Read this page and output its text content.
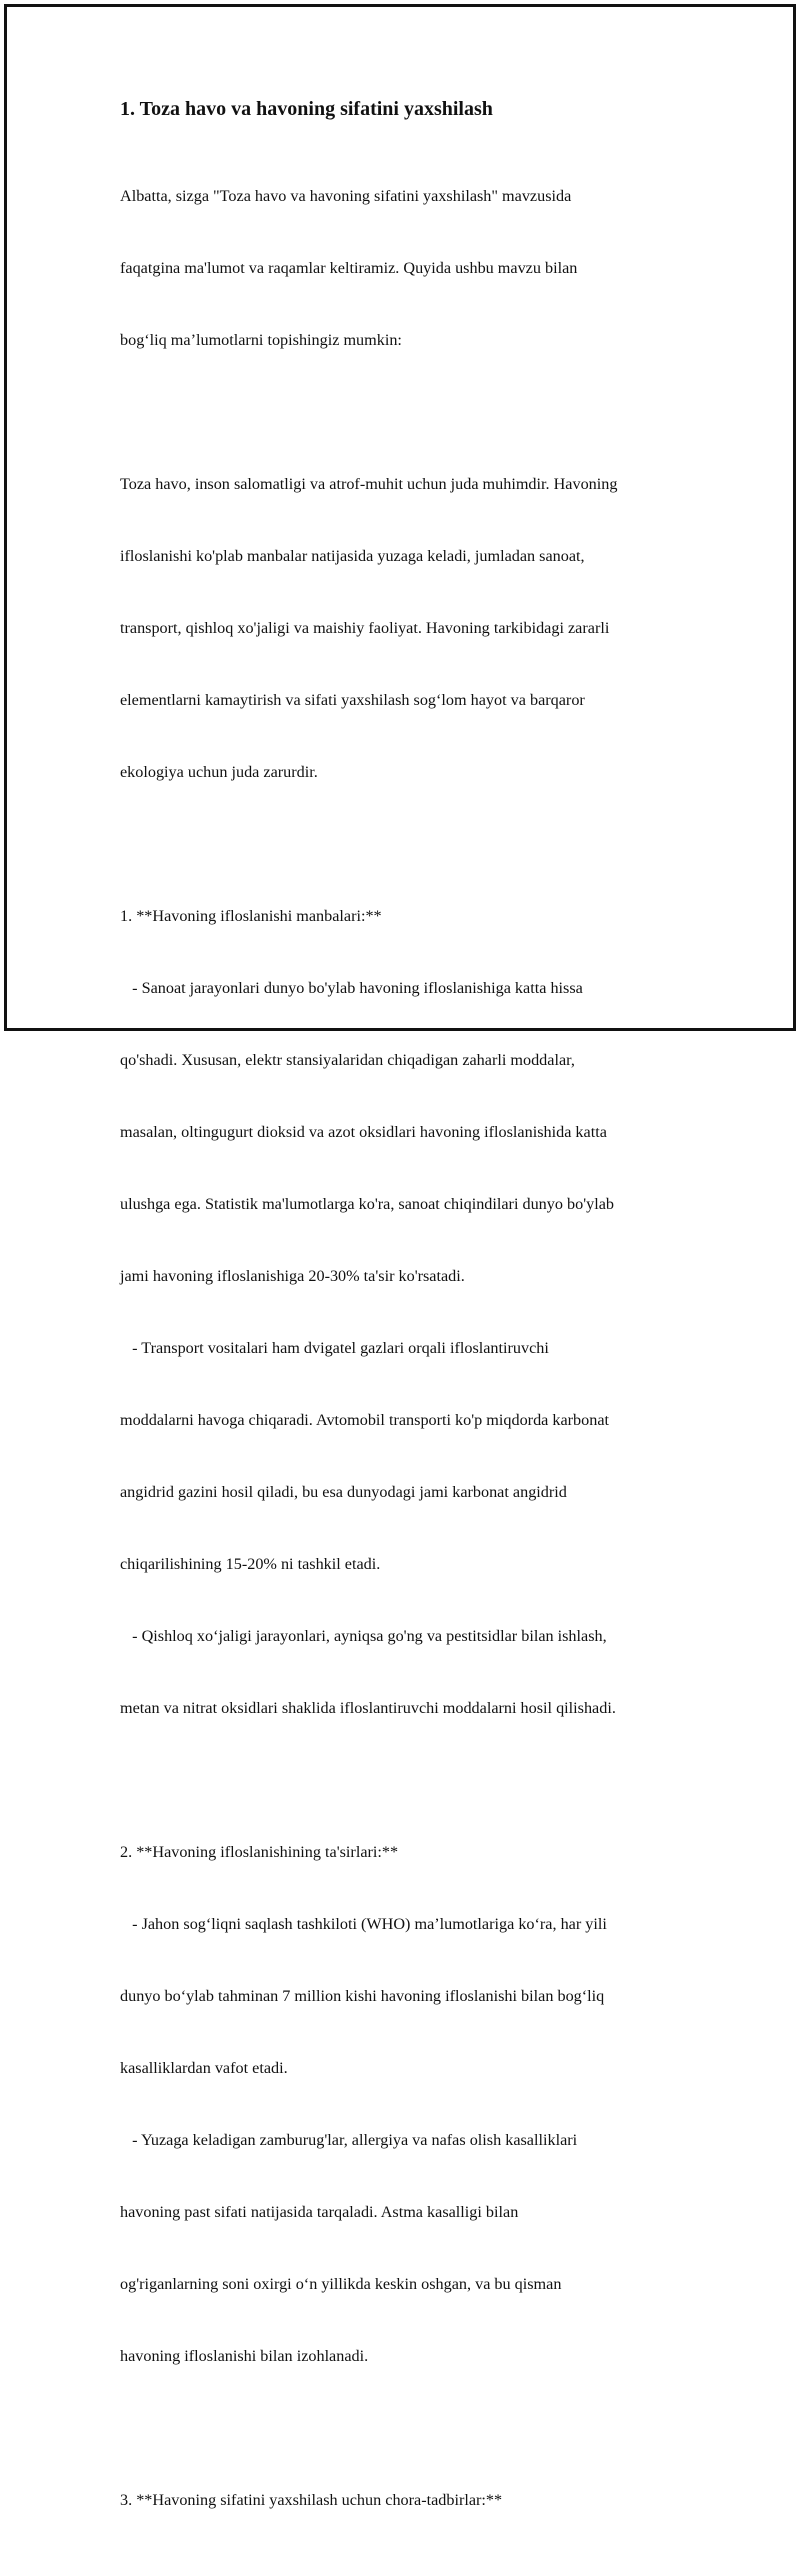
1. Toza havo va havoning sifatini yaxshilash

Albatta, sizga "Toza havo va havoning sifatini yaxshilash" mavzusida

faqatgina ma'lumot va raqamlar keltiramiz. Quyida ushbu mavzu bilan

bog‘liq ma’lumotlarni topishingiz mumkin:

Toza havo, inson salomatligi va atrof-muhit uchun juda muhimdir. Havoning

ifloslanishi ko'plab manbalar natijasida yuzaga keladi, jumladan sanoat,

transport, qishloq xo'jaligi va maishiy faoliyat. Havoning tarkibidagi zararli

elementlarni kamaytirish va sifati yaxshilash sog‘lom hayot va barqaror

ekologiya uchun juda zarurdir.

1. **Havoning ifloslanishi manbalari:**

- Sanoat jarayonlari dunyo bo'ylab havoning ifloslanishiga katta hissa

qo'shadi. Xususan, elektr stansiyalaridan chiqadigan zaharli moddalar,

masalan, oltingugurt dioksid va azot oksidlari havoning ifloslanishida katta

ulushga ega. Statistik ma'lumotlarga ko'ra, sanoat chiqindilari dunyo bo'ylab

jami havoning ifloslanishiga 20-30% ta'sir ko'rsatadi.

- Transport vositalari ham dvigatel gazlari orqali ifloslantiruvchi

moddalarni havoga chiqaradi. Avtomobil transporti ko'p miqdorda karbonat

angidrid gazini hosil qiladi, bu esa dunyodagi jami karbonat angidrid

chiqarilishining 15-20% ni tashkil etadi.

- Qishloq xo‘jaligi jarayonlari, ayniqsa go'ng va pestitsidlar bilan ishlash,

metan va nitrat oksidlari shaklida ifloslantiruvchi moddalarni hosil qilishadi.

2. **Havoning ifloslanishining ta'sirlari:**

- Jahon sog‘liqni saqlash tashkiloti (WHO) ma’lumotlariga ko‘ra, har yili

dunyo bo‘ylab tahminan 7 million kishi havoning ifloslanishi bilan bog‘liq

kasalliklardan vafot etadi.

- Yuzaga keladigan zamburug'lar, allergiya va nafas olish kasalliklari

havoning past sifati natijasida tarqaladi. Astma kasalligi bilan

og'riganlarning soni oxirgi o‘n yillikda keskin oshgan, va bu qisman

havoning ifloslanishi bilan izohlanadi.

3. **Havoning sifatini yaxshilash uchun chora-tadbirlar:**
